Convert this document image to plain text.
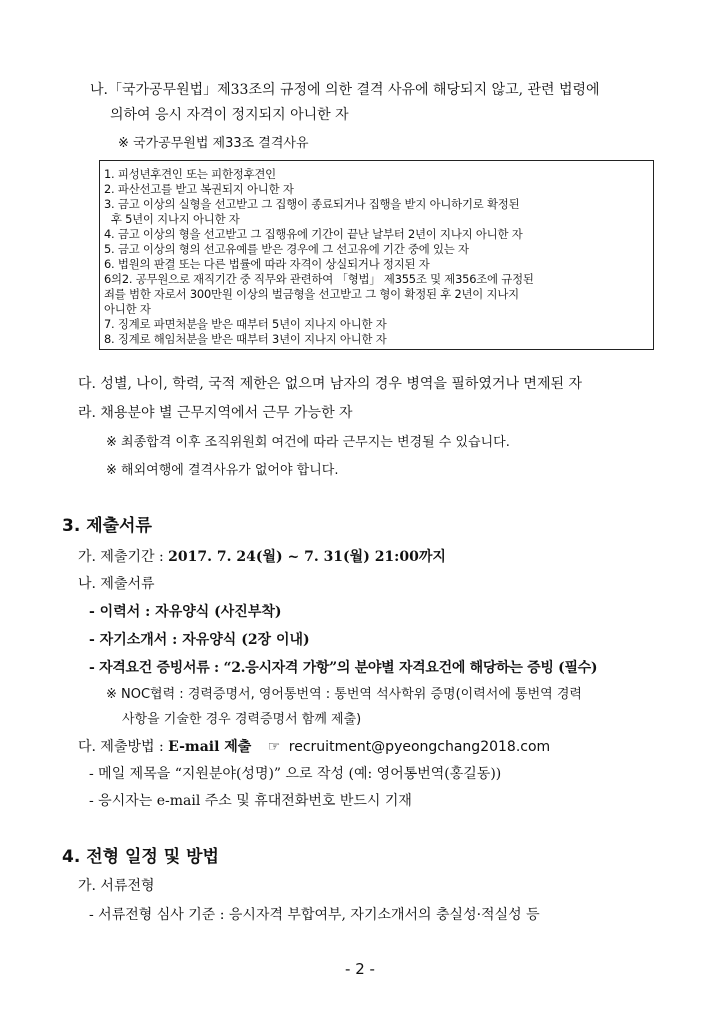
나.「국가공무원법」제33조의 규정에 의한 결격 사유에 해당되지 않고, 관련 법령에
의하여 응시 자격이 정지되지 아니한 자
※ 국가공무원법 제33조 결격사유
1. 피성년후견인 또는 피한정후견인
2. 파산선고를 받고 복권되지 아니한 자
3. 금고 이상의 실형을 선고받고 그 집행이 종료되거나 집행을 받지 아니하기로 확정된
후 5년이 지나지 아니한 자
4. 금고 이상의 형을 선고받고 그 집행유에 기간이 끝난 날부터 2년이 지나지 아니한 자
5. 금고 이상의 형의 선고유예를 받은 경우에 그 선고유에 기간 중에 있는 자
6. 법원의 판결 또는 다른 법률에 따라 자격이 상실되거나 정지된 자
6의2. 공무원으로 재직기간 중 직무와 관련하여 「형법」 제355조 및 제356조에 규정된
죄를 범한 자로서 300만원 이상의 벌금형을 선고받고 그 형이 확정된 후 2년이 지나지
아니한 자
7. 징계로 파면처분을 받은 때부터 5년이 지나지 아니한 자
8. 징계로 해임처분을 받은 때부터 3년이 지나지 아니한 자
다. 성별, 나이, 학력, 국적 제한은 없으며 남자의 경우 병역을 필하였거나 면제된 자
라. 채용분야 별 근무지역에서 근무 가능한 자
※ 최종합격 이후 조직위원회 여건에 따라 근무지는 변경될 수 있습니다.
※ 해외여행에 결격사유가 없어야 합니다.
3. 제출서류
가. 제출기간 : 2017. 7. 24(월) ~ 7. 31(월) 21:00까지
나. 제출서류
- 이력서 : 자유양식 (사진부착)
- 자기소개서 : 자유양식 (2장 이내)
- 자격요건 증빙서류 : “2.응시자격 가항”의 분야별 자격요건에 해당하는 증빙 (필수)
※ NOC협력 : 경력증명서, 영어통번역 : 통번역 석사학위 증명(이력서에 통번역 경력
사항을 기술한 경우 경력증명서 함께 제출)
다. 제출방법 : E-mail 제출 ☞ recruitment@pyeongchang2018.com
- 메일 제목을 “지원분야(성명)” 으로 작성 (예: 영어통번역(홍길동))
- 응시자는 e-mail 주소 및 휴대전화번호 반드시 기재
4. 전형 일정 및 방법
가. 서류전형
- 서류전형 심사 기준 : 응시자격 부합여부, 자기소개서의 충실성·적실성 등
- 2 -
